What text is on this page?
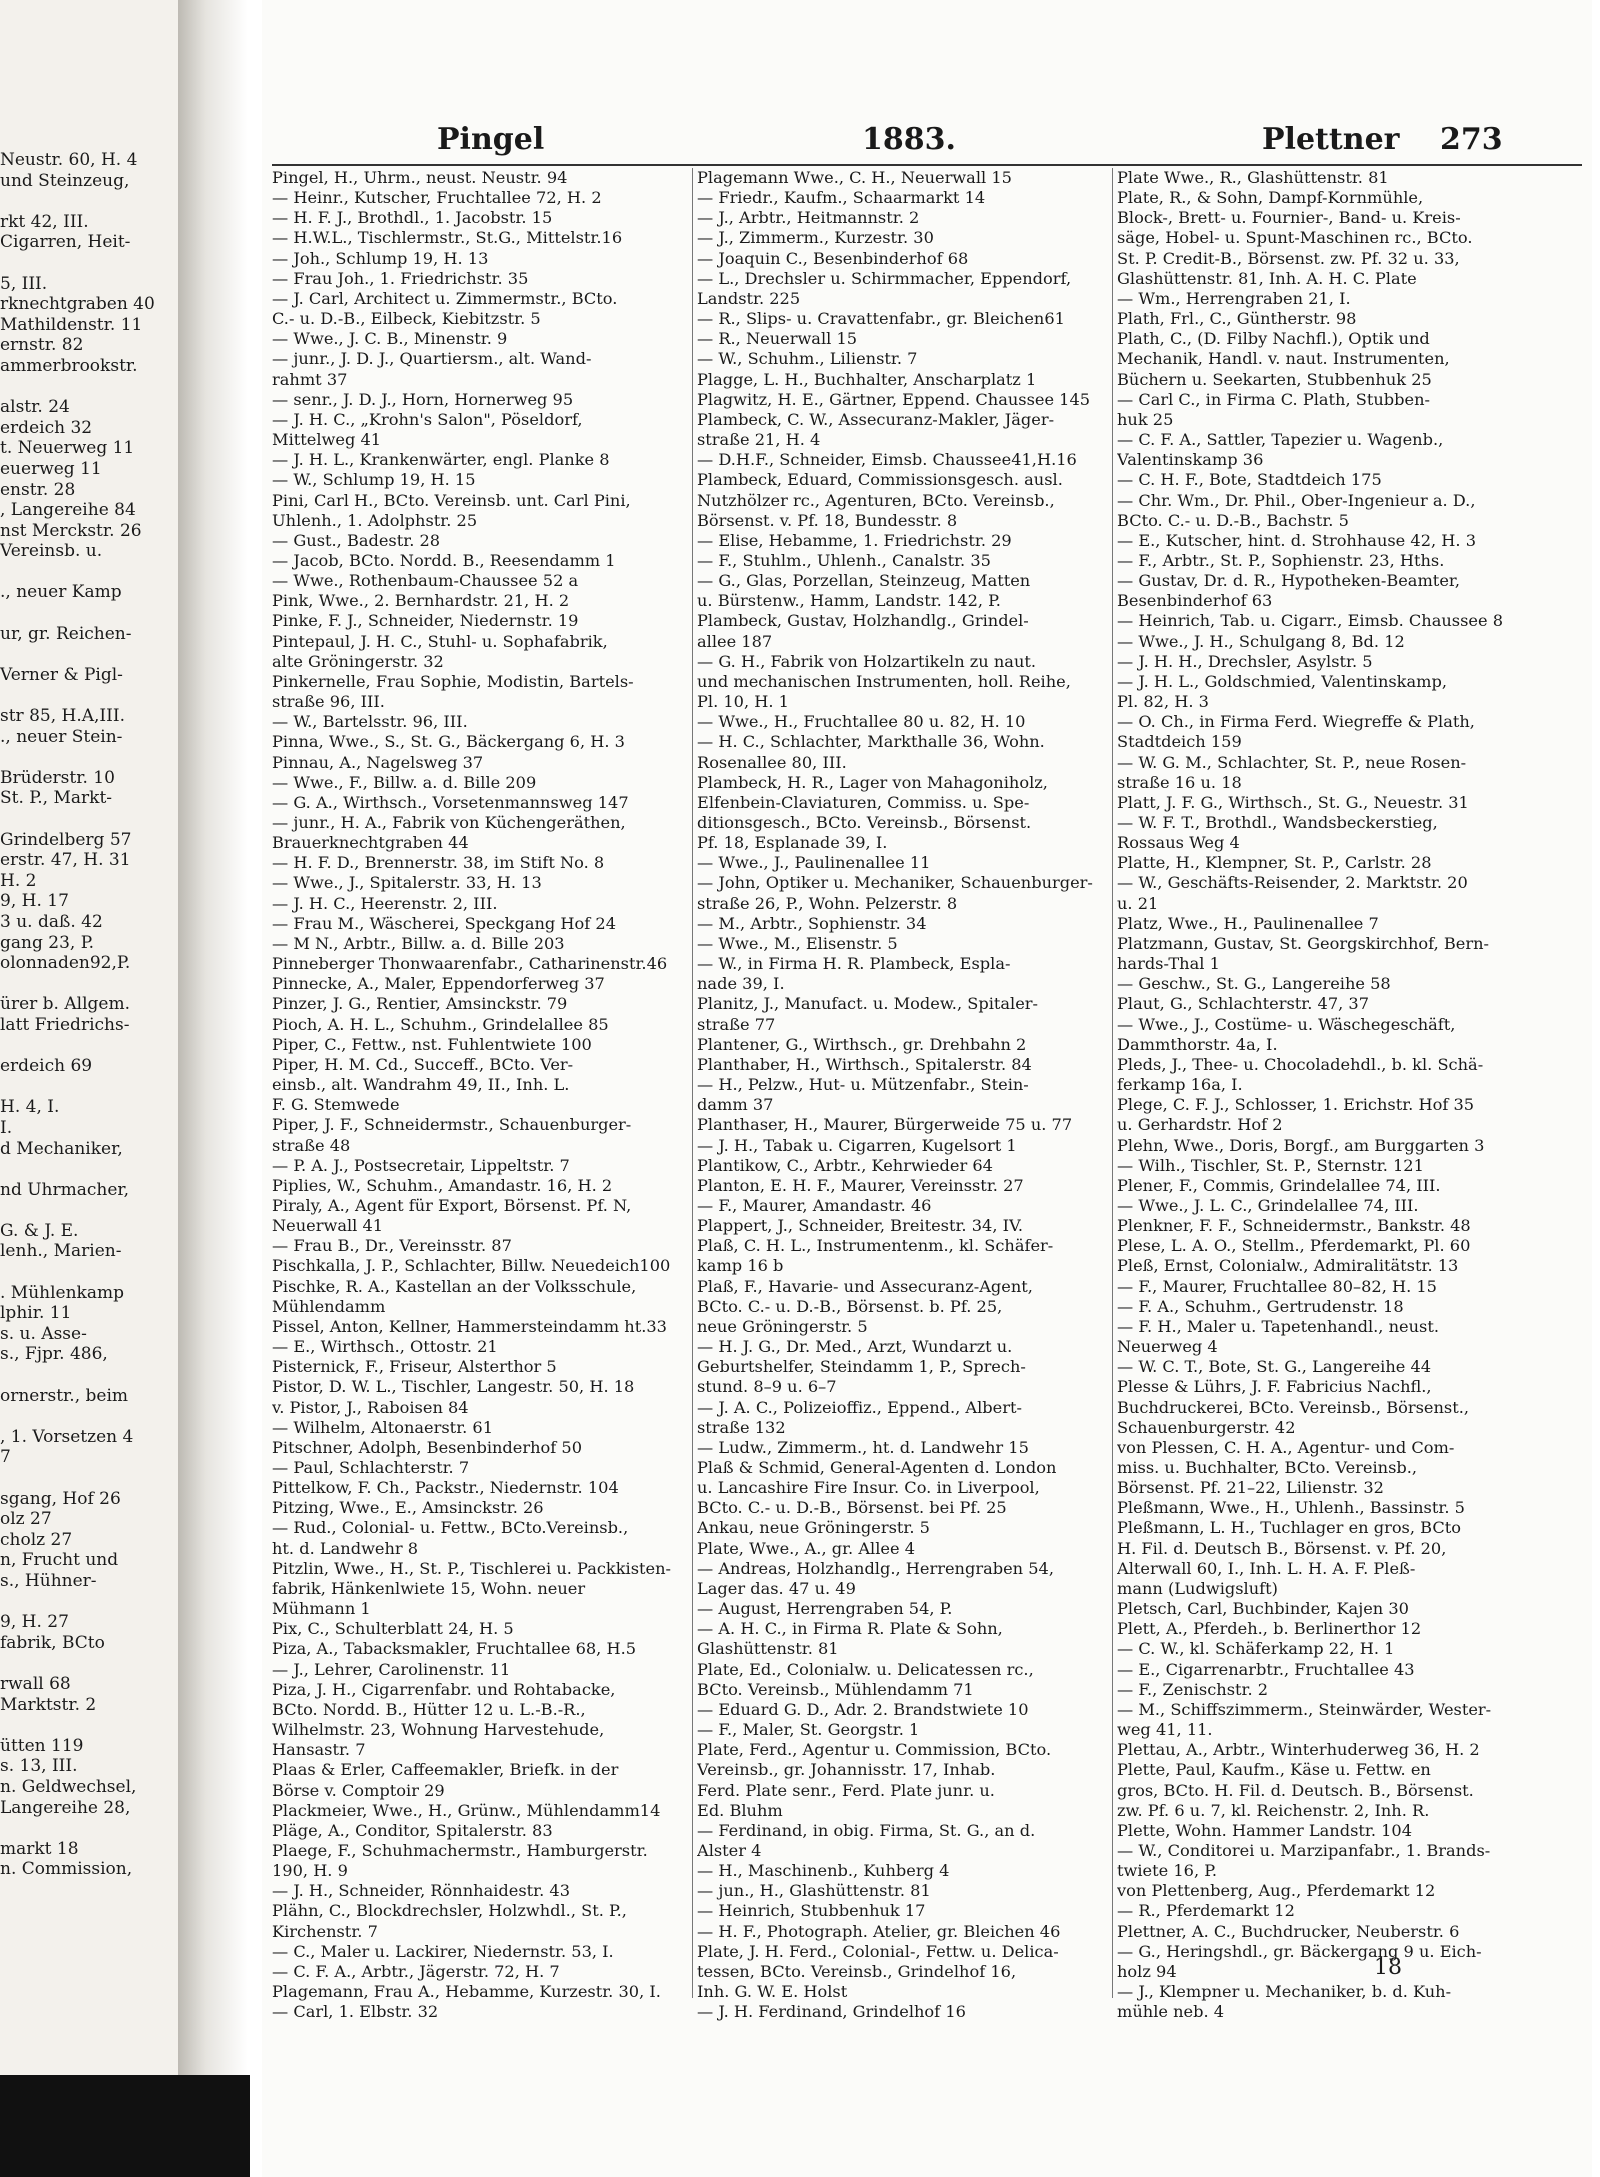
Neustr. 60, H. 4
und Steinzeug,
rkt 42, III.
Cigarren, Heit-
5, III.
rknechtgraben 40
Mathildenstr. 11
ernstr. 82
ammerbrookstr.
alstr. 24
erdeich 32
t. Neuerweg 11
euerweg 11
enstr. 28
, Langereihe 84
nst Merckstr. 26
Vereinsb. u.
., neuer Kamp
ur, gr. Reichen-
Verner & Pigl-
str 85, H.A,III.
., neuer Stein-
Brüderstr. 10
St. P., Markt-
Grindelberg 57
erstr. 47, H. 31
H. 2
9, H. 17
3 u. daß. 42
gang 23, P.
olonnaden92,P.
ürer b. Allgem.
latt Friedrichs-
erdeich 69
H. 4, I.
I.
d Mechaniker,
nd Uhrmacher,
G. & J. E.
lenh., Marien-
. Mühlenkamp
lphir. 11
s. u. Asse-
s., Fjpr. 486,
ornerstr., beim
, 1. Vorsetzen 4
7
sgang, Hof 26
olz 27
cholz 27
n, Frucht und
s., Hühner-
9, H. 27
fabrik, BCto
rwall 68
Marktstr. 2
ütten 119
s. 13, III.
n. Geldwechsel,
Langereihe 28,
markt 18
n. Commission,
Pingel	1883.	Plettner 273
Pingel, H., Uhrm., neust. Neustr. 94
— Heinr., Kutscher, Fruchtallee 72, H. 2
— H. F. J., Brothdl., 1. Jacobstr. 15
— H.W.L., Tischlermstr., St.G., Mittelstr.16
— Joh., Schlump 19, H. 13
— Frau Joh., 1. Friedrichstr. 35
— J. Carl, Architect u. Zimmermstr., BCto.
C.- u. D.-B., Eilbeck, Kiebitzstr. 5
— Wwe., J. C. B., Minenstr. 9
— junr., J. D. J., Quartiersm., alt. Wand-
rahmt 37
— senr., J. D. J., Horn, Hornerweg 95
— J. H. C., „Krohn's Salon", Pöseldorf,
Mittelweg 41
— J. H. L., Krankenwärter, engl. Planke 8
— W., Schlump 19, H. 15
Pini, Carl H., BCto. Vereinsb. unt. Carl Pini,
Uhlenh., 1. Adolphstr. 25
— Gust., Badestr. 28
— Jacob, BCto. Nordd. B., Reesendamm 1
— Wwe., Rothenbaum-Chaussee 52 a
Pink, Wwe., 2. Bernhardstr. 21, H. 2
Pinke, F. J., Schneider, Niedernstr. 19
Pintepaul, J. H. C., Stuhl- u. Sophafabrik,
alte Gröningerstr. 32
Pinkernelle, Frau Sophie, Modistin, Bartels-
straße 96, III.
— W., Bartelsstr. 96, III.
Pinna, Wwe., S., St. G., Bäckergang 6, H. 3
Pinnau, A., Nagelsweg 37
— Wwe., F., Billw. a. d. Bille 209
— G. A., Wirthsch., Vorsetenmannsweg 147
— junr., H. A., Fabrik von Küchengeräthen,
Brauerknechtgraben 44
— H. F. D., Brennerstr. 38, im Stift No. 8
— Wwe., J., Spitalerstr. 33, H. 13
— J. H. C., Heerenstr. 2, III.
— Frau M., Wäscherei, Speckgang Hof 24
— M N., Arbtr., Billw. a. d. Bille 203
Pinneberger Thonwaarenfabr., Catharinenstr.46
Pinnecke, A., Maler, Eppendorferweg 37
Pinzer, J. G., Rentier, Amsinckstr. 79
Pioch, A. H. L., Schuhm., Grindelallee 85
Piper, C., Fettw., nst. Fuhlentwiete 100
Piper, H. M. Cd., Succeff., BCto. Ver-
einsb., alt. Wandrahm 49, II., Inh. L.
F. G. Stemwede
Piper, J. F., Schneidermstr., Schauenburger-
straße 48
— P. A. J., Postsecretair, Lippeltstr. 7
Piplies, W., Schuhm., Amandastr. 16, H. 2
Piraly, A., Agent für Export, Börsenst. Pf. N,
Neuerwall 41
— Frau B., Dr., Vereinsstr. 87
Pischkalla, J. P., Schlachter, Billw. Neuedeich100
Pischke, R. A., Kastellan an der Volksschule,
Mühlendamm
Pissel, Anton, Kellner, Hammersteindamm ht.33
— E., Wirthsch., Ottostr. 21
Pisternick, F., Friseur, Alsterthor 5
Pistor, D. W. L., Tischler, Langestr. 50, H. 18
v. Pistor, J., Raboisen 84
— Wilhelm, Altonaerstr. 61
Pitschner, Adolph, Besenbinderhof 50
— Paul, Schlachterstr. 7
Pittelkow, F. Ch., Packstr., Niedernstr. 104
Pitzing, Wwe., E., Amsinckstr. 26
— Rud., Colonial- u. Fettw., BCto.Vereinsb.,
ht. d. Landwehr 8
Pitzlin, Wwe., H., St. P., Tischlerei u. Packkisten-
fabrik, Hänkenlwiete 15, Wohn. neuer
Mühmann 1
Pix, C., Schulterblatt 24, H. 5
Piza, A., Tabacksmakler, Fruchtallee 68, H.5
— J., Lehrer, Carolinenstr. 11
Piza, J. H., Cigarrenfabr. und Rohtabacke,
BCto. Nordd. B., Hütter 12 u. L.-B.-R.,
Wilhelmstr. 23, Wohnung Harvestehude,
Hansastr. 7
Plaas & Erler, Caffeemakler, Briefk. in der
Börse v. Comptoir 29
Plackmeier, Wwe., H., Grünw., Mühlendamm14
Pläge, A., Conditor, Spitalerstr. 83
Plaege, F., Schuhmachermstr., Hamburgerstr.
190, H. 9
— J. H., Schneider, Rönnhaidestr. 43
Plähn, C., Blockdrechsler, Holzwhdl., St. P.,
Kirchenstr. 7
— C., Maler u. Lackirer, Niedernstr. 53, I.
— C. F. A., Arbtr., Jägerstr. 72, H. 7
Plagemann, Frau A., Hebamme, Kurzestr. 30, I.
— Carl, 1. Elbstr. 32
Plagemann Wwe., C. H., Neuerwall 15
— Friedr., Kaufm., Schaarmarkt 14
— J., Arbtr., Heitmannstr. 2
— J., Zimmerm., Kurzestr. 30
— Joaquin C., Besenbinderhof 68
— L., Drechsler u. Schirmmacher, Eppendorf,
Landstr. 225
— R., Slips- u. Cravattenfabr., gr. Bleichen61
— R., Neuerwall 15
— W., Schuhm., Lilienstr. 7
Plagge, L. H., Buchhalter, Anscharplatz 1
Plagwitz, H. E., Gärtner, Eppend. Chaussee 145
Plambeck, C. W., Assecuranz-Makler, Jäger-
straße 21, H. 4
— D.H.F., Schneider, Eimsb. Chaussee41,H.16
Plambeck, Eduard, Commissionsgesch. ausl.
Nutzhölzer rc., Agenturen, BCto. Vereinsb.,
Börsenst. v. Pf. 18, Bundesstr. 8
— Elise, Hebamme, 1. Friedrichstr. 29
— F., Stuhlm., Uhlenh., Canalstr. 35
— G., Glas, Porzellan, Steinzeug, Matten
u. Bürstenw., Hamm, Landstr. 142, P.
Plambeck, Gustav, Holzhandlg., Grindel-
allee 187
— G. H., Fabrik von Holzartikeln zu naut.
und mechanischen Instrumenten, holl. Reihe,
Pl. 10, H. 1
— Wwe., H., Fruchtallee 80 u. 82, H. 10
— H. C., Schlachter, Markthalle 36, Wohn.
Rosenallee 80, III.
Plambeck, H. R., Lager von Mahagoniholz,
Elfenbein-Claviaturen, Commiss. u. Spe-
ditionsgesch., BCto. Vereinsb., Börsenst.
Pf. 18, Esplanade 39, I.
— Wwe., J., Paulinenallee 11
— John, Optiker u. Mechaniker, Schauenburger-
straße 26, P., Wohn. Pelzerstr. 8
— M., Arbtr., Sophienstr. 34
— Wwe., M., Elisenstr. 5
— W., in Firma H. R. Plambeck, Espla-
nade 39, I.
Planitz, J., Manufact. u. Modew., Spitaler-
straße 77
Plantener, G., Wirthsch., gr. Drehbahn 2
Planthaber, H., Wirthsch., Spitalerstr. 84
— H., Pelzw., Hut- u. Mützenfabr., Stein-
damm 37
Planthaser, H., Maurer, Bürgerweide 75 u. 77
— J. H., Tabak u. Cigarren, Kugelsort 1
Plantikow, C., Arbtr., Kehrwieder 64
Planton, E. H. F., Maurer, Vereinsstr. 27
— F., Maurer, Amandastr. 46
Plappert, J., Schneider, Breitestr. 34, IV.
Plaß, C. H. L., Instrumentenm., kl. Schäfer-
kamp 16 b
Plaß, F., Havarie- und Assecuranz-Agent,
BCto. C.- u. D.-B., Börsenst. b. Pf. 25,
neue Gröningerstr. 5
— H. J. G., Dr. Med., Arzt, Wundarzt u.
Geburtshelfer, Steindamm 1, P., Sprech-
stund. 8–9 u. 6–7
— J. A. C., Polizeioffiz., Eppend., Albert-
straße 132
— Ludw., Zimmerm., ht. d. Landwehr 15
Plaß & Schmid, General-Agenten d. London
u. Lancashire Fire Insur. Co. in Liverpool,
BCto. C.- u. D.-B., Börsenst. bei Pf. 25
Ankau, neue Gröningerstr. 5
Plate, Wwe., A., gr. Allee 4
— Andreas, Holzhandlg., Herrengraben 54,
Lager das. 47 u. 49
— August, Herrengraben 54, P.
— A. H. C., in Firma R. Plate & Sohn,
Glashüttenstr. 81
Plate, Ed., Colonialw. u. Delicatessen rc.,
BCto. Vereinsb., Mühlendamm 71
— Eduard G. D., Adr. 2. Brandstwiete 10
— F., Maler, St. Georgstr. 1
Plate, Ferd., Agentur u. Commission, BCto.
Vereinsb., gr. Johannisstr. 17, Inhab.
Ferd. Plate senr., Ferd. Plate junr. u.
Ed. Bluhm
— Ferdinand, in obig. Firma, St. G., an d.
Alster 4
— H., Maschinenb., Kuhberg 4
— jun., H., Glashüttenstr. 81
— Heinrich, Stubbenhuk 17
— H. F., Photograph. Atelier, gr. Bleichen 46
Plate, J. H. Ferd., Colonial-, Fettw. u. Delica-
tessen, BCto. Vereinsb., Grindelhof 16,
Inh. G. W. E. Holst
— J. H. Ferdinand, Grindelhof 16
Plate Wwe., R., Glashüttenstr. 81
Plate, R., & Sohn, Dampf-Kornmühle,
Block-, Brett- u. Fournier-, Band- u. Kreis-
säge, Hobel- u. Spunt-Maschinen rc., BCto.
St. P. Credit-B., Börsenst. zw. Pf. 32 u. 33,
Glashüttenstr. 81, Inh. A. H. C. Plate
— Wm., Herrengraben 21, I.
Plath, Frl., C., Güntherstr. 98
Plath, C., (D. Filby Nachfl.), Optik und
Mechanik, Handl. v. naut. Instrumenten,
Büchern u. Seekarten, Stubbenhuk 25
— Carl C., in Firma C. Plath, Stubben-
huk 25
— C. F. A., Sattler, Tapezier u. Wagenb.,
Valentinskamp 36
— C. H. F., Bote, Stadtdeich 175
— Chr. Wm., Dr. Phil., Ober-Ingenieur a. D.,
BCto. C.- u. D.-B., Bachstr. 5
— E., Kutscher, hint. d. Strohhause 42, H. 3
— F., Arbtr., St. P., Sophienstr. 23, Hths.
— Gustav, Dr. d. R., Hypotheken-Beamter,
Besenbinderhof 63
— Heinrich, Tab. u. Cigarr., Eimsb. Chaussee 8
— Wwe., J. H., Schulgang 8, Bd. 12
— J. H. H., Drechsler, Asylstr. 5
— J. H. L., Goldschmied, Valentinskamp,
Pl. 82, H. 3
— O. Ch., in Firma Ferd. Wiegreffe & Plath,
Stadtdeich 159
— W. G. M., Schlachter, St. P., neue Rosen-
straße 16 u. 18
Platt, J. F. G., Wirthsch., St. G., Neuestr. 31
— W. F. T., Brothdl., Wandsbeckerstieg,
Rossaus Weg 4
Platte, H., Klempner, St. P., Carlstr. 28
— W., Geschäfts-Reisender, 2. Marktstr. 20
u. 21
Platz, Wwe., H., Paulinenallee 7
Platzmann, Gustav, St. Georgskirchhof, Bern-
hards-Thal 1
— Geschw., St. G., Langereihe 58
Plaut, G., Schlachterstr. 47, 37
— Wwe., J., Costüme- u. Wäschegeschäft,
Dammthorstr. 4a, I.
Pleds, J., Thee- u. Chocoladehdl., b. kl. Schä-
ferkamp 16a, I.
Plege, C. F. J., Schlosser, 1. Erichstr. Hof 35
u. Gerhardstr. Hof 2
Plehn, Wwe., Doris, Borgf., am Burggarten 3
— Wilh., Tischler, St. P., Sternstr. 121
Plener, F., Commis, Grindelallee 74, III.
— Wwe., J. L. C., Grindelallee 74, III.
Plenkner, F. F., Schneidermstr., Bankstr. 48
Plese, L. A. O., Stellm., Pferdemarkt, Pl. 60
Pleß, Ernst, Colonialw., Admiralitätstr. 13
— F., Maurer, Fruchtallee 80–82, H. 15
— F. A., Schuhm., Gertrudenstr. 18
— F. H., Maler u. Tapetenhandl., neust.
Neuerweg 4
— W. C. T., Bote, St. G., Langereihe 44
Plesse & Lührs, J. F. Fabricius Nachfl.,
Buchdruckerei, BCto. Vereinsb., Börsenst.,
Schauenburgerstr. 42
von Plessen, C. H. A., Agentur- und Com-
miss. u. Buchhalter, BCto. Vereinsb.,
Börsenst. Pf. 21–22, Lilienstr. 32
Pleßmann, Wwe., H., Uhlenh., Bassinstr. 5
Pleßmann, L. H., Tuchlager en gros, BCto
H. Fil. d. Deutsch B., Börsenst. v. Pf. 20,
Alterwall 60, I., Inh. L. H. A. F. Pleß-
mann (Ludwigsluft)
Pletsch, Carl, Buchbinder, Kajen 30
Plett, A., Pferdeh., b. Berlinerthor 12
— C. W., kl. Schäferkamp 22, H. 1
— E., Cigarrenarbtr., Fruchtallee 43
— F., Zenischstr. 2
— M., Schiffszimmerm., Steinwärder, Wester-
weg 41, 11.
Plettau, A., Arbtr., Winterhuderweg 36, H. 2
Plette, Paul, Kaufm., Käse u. Fettw. en
gros, BCto. H. Fil. d. Deutsch. B., Börsenst.
zw. Pf. 6 u. 7, kl. Reichenstr. 2, Inh. R.
Plette, Wohn. Hammer Landstr. 104
— W., Conditorei u. Marzipanfabr., 1. Brands-
twiete 16, P.
von Plettenberg, Aug., Pferdemarkt 12
— R., Pferdemarkt 12
Plettner, A. C., Buchdrucker, Neuberstr. 6
— G., Heringshdl., gr. Bäckergang 9 u. Eich-
holz 94
— J., Klempner u. Mechaniker, b. d. Kuh-
mühle neb. 4
18
